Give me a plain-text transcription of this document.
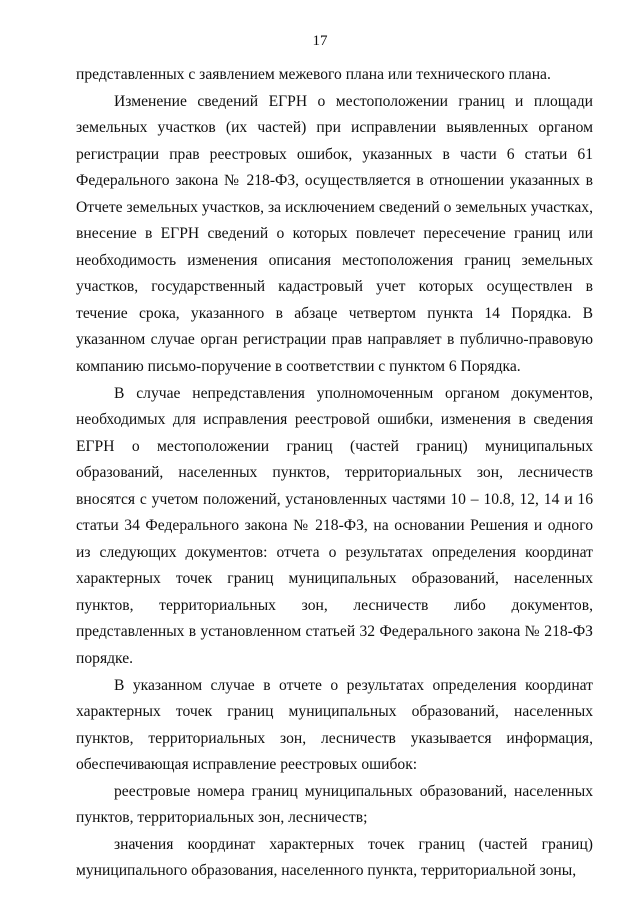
17

представленных с заявлением межевого плана или технического плана.

Изменение сведений ЕГРН о местоположении границ и площади земельных участков (их частей) при исправлении выявленных органом регистрации прав реестровых ошибок, указанных в части 6 статьи 61 Федерального закона № 218-ФЗ, осуществляется в отношении указанных в Отчете земельных участков, за исключением сведений о земельных участках, внесение в ЕГРН сведений о которых повлечет пересечение границ или необходимость изменения описания местоположения границ земельных участков, государственный кадастровый учет которых осуществлен в течение срока, указанного в абзаце четвертом пункта 14 Порядка. В указанном случае орган регистрации прав направляет в публично-правовую компанию письмо-поручение в соответствии с пунктом 6 Порядка.

В случае непредставления уполномоченным органом документов, необходимых для исправления реестровой ошибки, изменения в сведения ЕГРН о местоположении границ (частей границ) муниципальных образований, населенных пунктов, территориальных зон, лесничеств вносятся с учетом положений, установленных частями 10 – 10.8, 12, 14 и 16 статьи 34 Федерального закона № 218-ФЗ, на основании Решения и одного из следующих документов: отчета о результатах определения координат характерных точек границ муниципальных образований, населенных пунктов, территориальных зон, лесничеств либо документов, представленных в установленном статьей 32 Федерального закона № 218-ФЗ порядке.

В указанном случае в отчете о результатах определения координат характерных точек границ муниципальных образований, населенных пунктов, территориальных зон, лесничеств указывается информация, обеспечивающая исправление реестровых ошибок:

реестровые номера границ муниципальных образований, населенных пунктов, территориальных зон, лесничеств;

значения координат характерных точек границ (частей границ) муниципального образования, населенного пункта, территориальной зоны,
